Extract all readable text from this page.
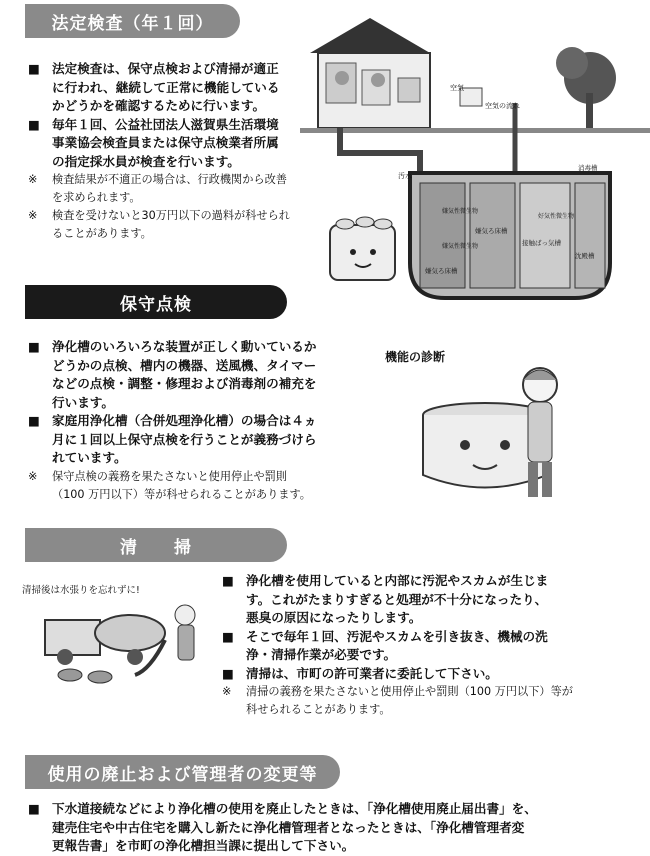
法定検査（年１回）
■ 法定検査は、保守点検および清掃が適正
に行われ、継続して正常に機能している
かどうかを確認するために行います。
■ 毎年１回、公益社団法人滋賀県生活環境
事業協会検査員または保守点検業者所属
の指定採水員が検査を行います。
※	検査結果が不適正の場合は、行政機関から改善
を求められます。
※	検査を受けないと30万円以下の過料が科せられ
ることがあります。
空気
空気の流れ
汚水
嫌気ろ床槽
嫌気ろ床槽
接触ばっ気槽
沈殿槽
消毒槽
嫌気性微生物
嫌気性微生物
好気性微生物
保守点検
■ 浄化槽のいろいろな装置が正しく動いているか
どうかの点検、槽内の機器、送風機、タイマー
などの点検・調整・修理および消毒剤の補充を
行います。
■ 家庭用浄化槽（合併処理浄化槽）の場合は４ヵ
月に１回以上保守点検を行うことが義務づけら
れています。
※	保守点検の義務を果たさないと使用停止や罰則
（100 万円以下）等が科せられることがあります。
機能の診断
清　　掃
清掃後は水張りを忘れずに!
■ 浄化槽を使用していると内部に汚泥やスカムが生じま
す。これがたまりすぎると処理が不十分になったり、
悪臭の原因になったりします。
■ そこで毎年１回、汚泥やスカムを引き抜き、機械の洗
浄・清掃作業が必要です。
■ 清掃は、市町の許可業者に委託して下さい。
※	清掃の義務を果たさないと使用停止や罰則（100 万円以下）等が
科せられることがあります。
使用の廃止および管理者の変更等
■ 下水道接続などにより浄化槽の使用を廃止したときは、「浄化槽使用廃止届出書」を、
建売住宅や中古住宅を購入し新たに浄化槽管理者となったときは、「浄化槽管理者変
更報告書」を市町の浄化槽担当課に提出して下さい。
